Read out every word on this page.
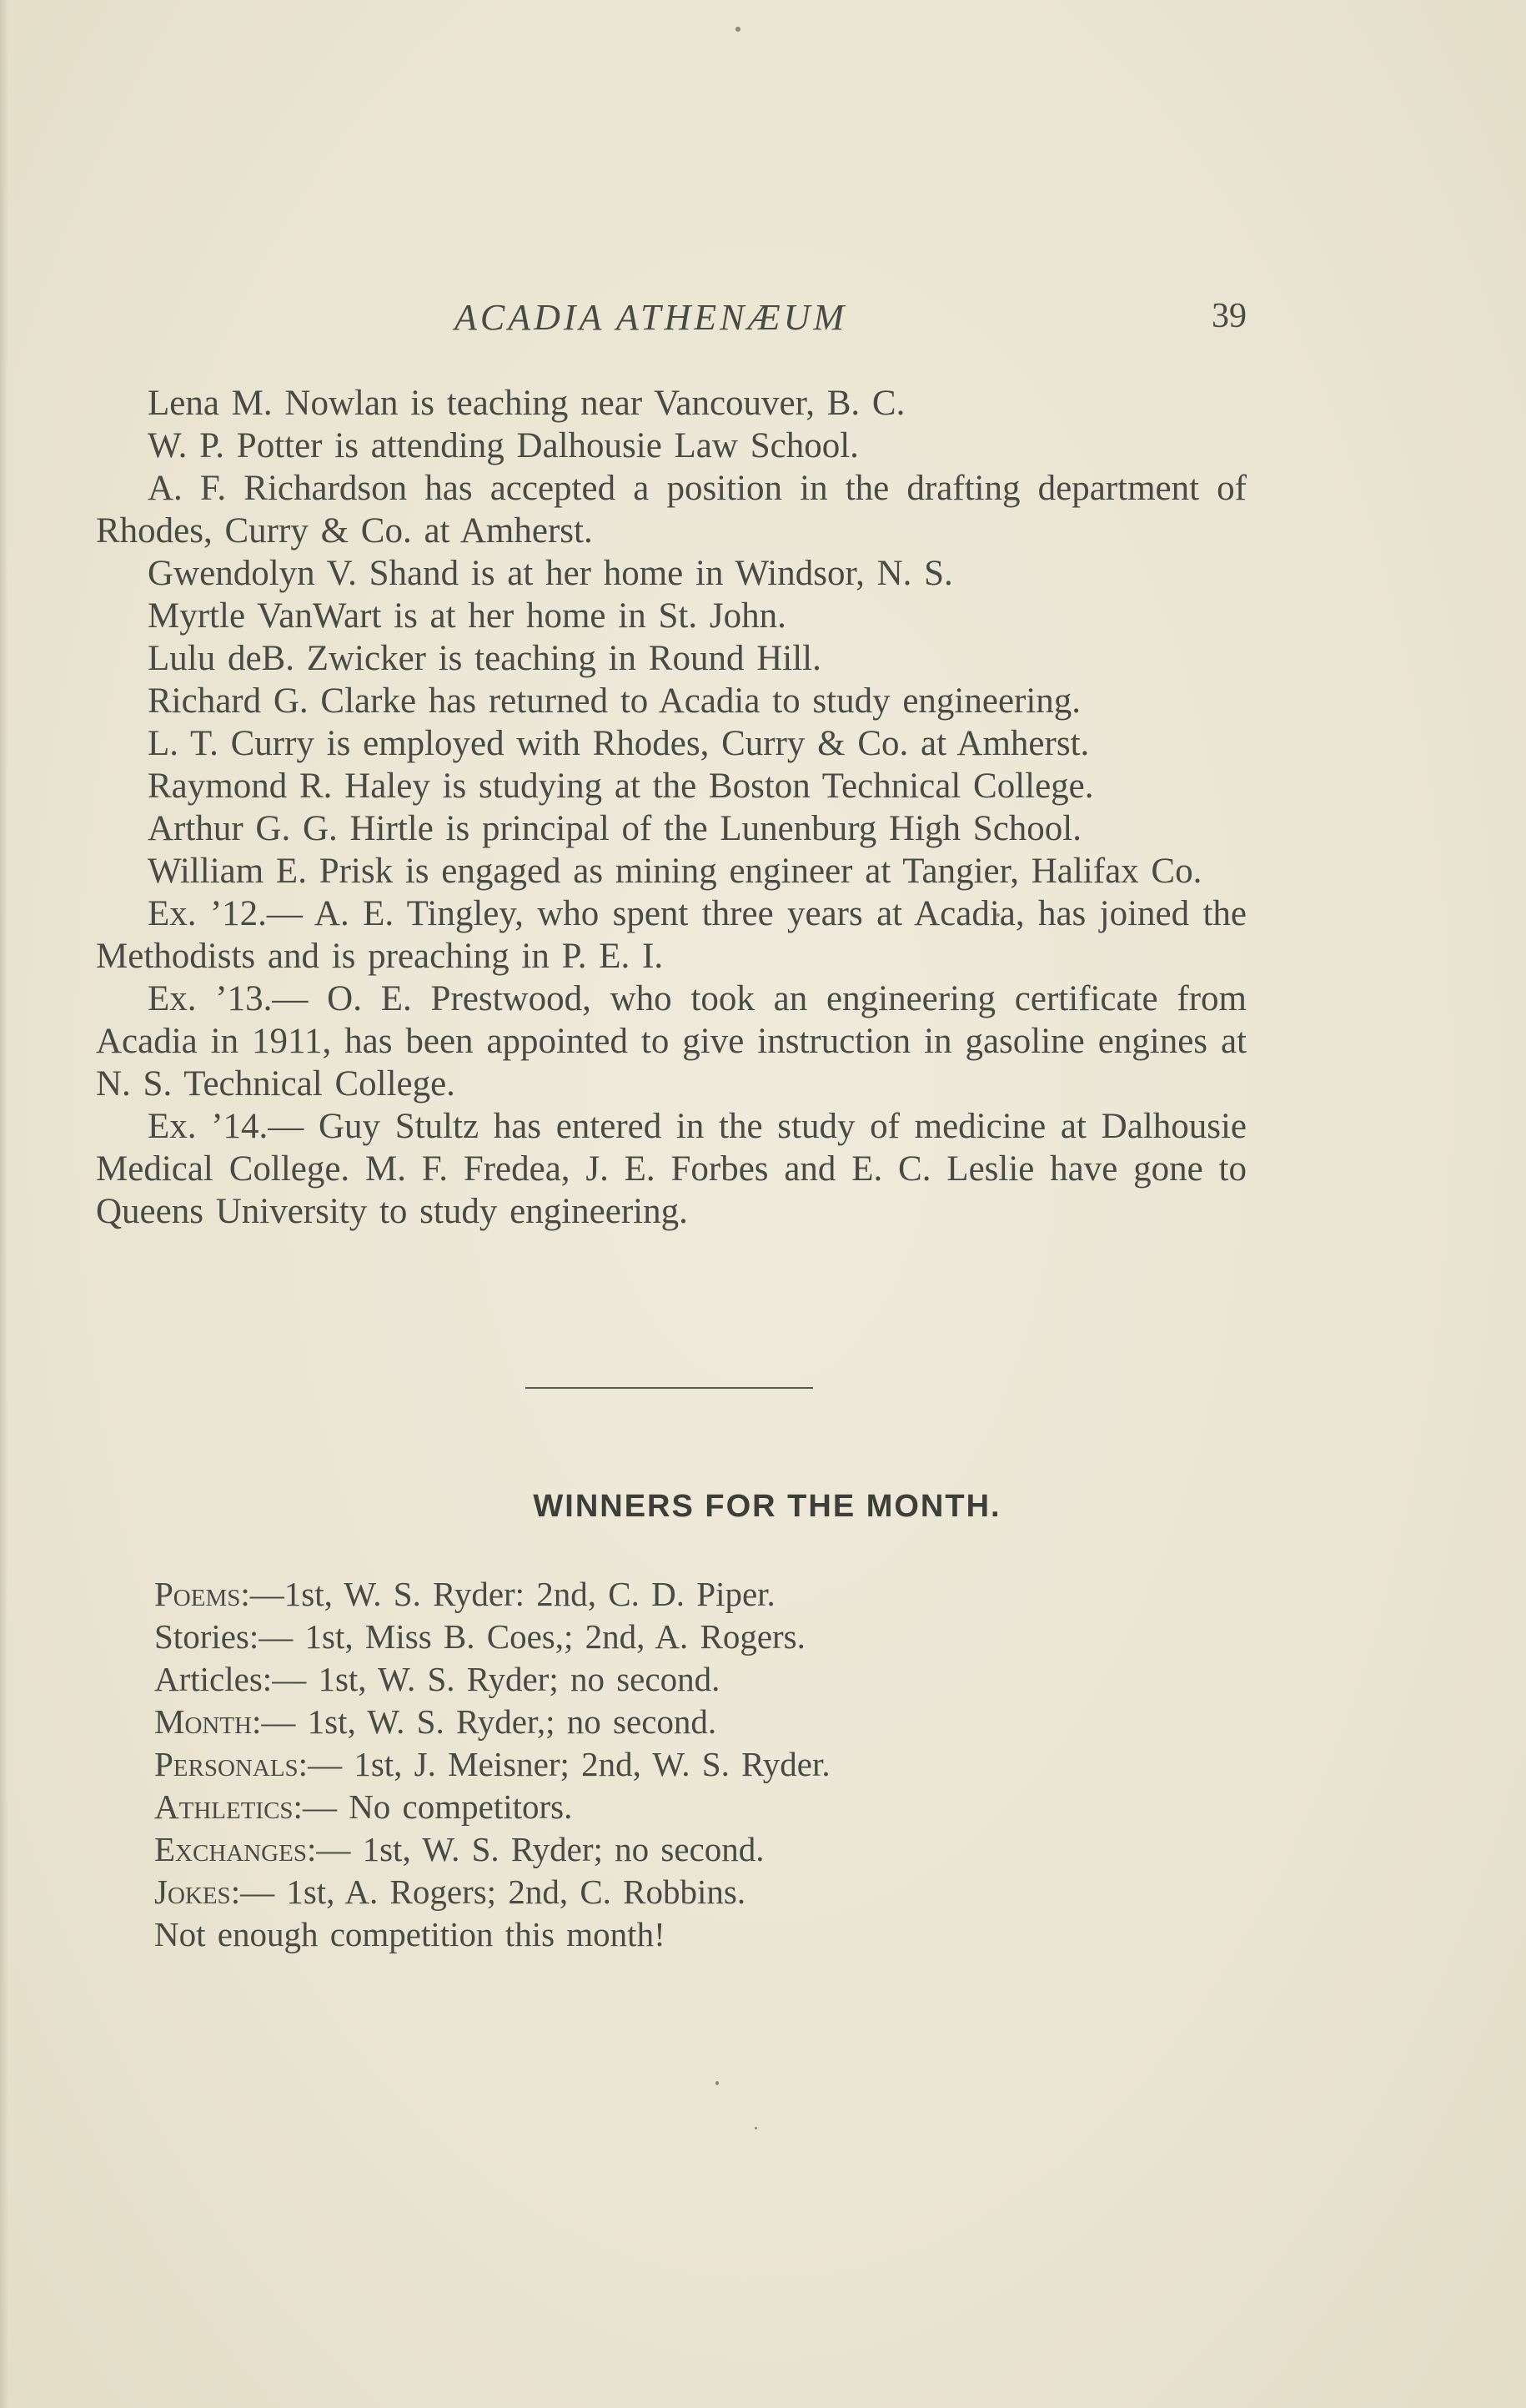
ACADIA ATHENÆUM	39

Lena M. Nowlan is teaching near Vancouver, B. C.

W. P. Potter is attending Dalhousie Law School.

A. F. Richardson has accepted a position in the drafting department of Rhodes, Curry & Co. at Amherst.

Gwendolyn V. Shand is at her home in Windsor, N. S.

Myrtle VanWart is at her home in St. John.

Lulu deB. Zwicker is teaching in Round Hill.

Richard G. Clarke has returned to Acadia to study engineering.

L. T. Curry is employed with Rhodes, Curry & Co. at Amherst.

Raymond R. Haley is studying at the Boston Technical College.

Arthur G. G. Hirtle is principal of the Lunenburg High School.

William E. Prisk is engaged as mining engineer at Tangier, Halifax Co.

Ex. ’12.— A. E. Tingley, who spent three years at Acadia, has joined the Methodists and is preaching in P. E. I.

Ex. ’13.— O. E. Prestwood, who took an engineering certificate from Acadia in 1911, has been appointed to give instruction in gasoline engines at N. S. Technical College.

Ex. ’14.— Guy Stultz has entered in the study of medicine at Dalhousie Medical College. M. F. Fredea, J. E. Forbes and E. C. Leslie have gone to Queens University to study engineering.

WINNERS FOR THE MONTH.
Poems:—1st, W. S. Ryder: 2nd, C. D. Piper.
Stories:— 1st, Miss B. Coes,; 2nd, A. Rogers.
Articles:— 1st, W. S. Ryder; no second.
Month:— 1st, W. S. Ryder,; no second.
Personals:— 1st, J. Meisner; 2nd, W. S. Ryder.
Athletics:— No competitors.
Exchanges:— 1st, W. S. Ryder; no second.
Jokes:— 1st, A. Rogers; 2nd, C. Robbins.
Not enough competition this month!
